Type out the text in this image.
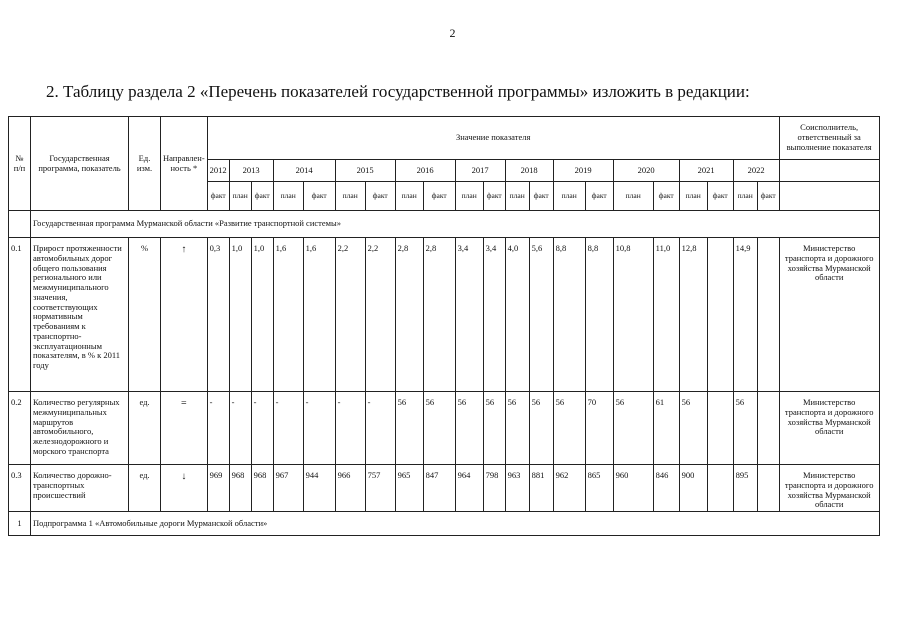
2
2. Таблицу раздела 2 «Перечень показателей государственной программы» изложить в редакции:
№ п/п	Государственная программа, показатель	Ед. изм.	Направлен-ность *	Значение показателя																					Соисполнитель, ответственный за выполнение показателя
				2012	2013		2014		2015		2016		2017		2018		2019		2020		2021		2022		
				факт	план	факт	план	факт	план	факт	план	факт	план	факт	план	факт	план	факт	план	факт	план	факт	план	факт	
	Государственная программа Мурманской области «Развитие транспортной системы»																								
0.1	Прирост протяженности автомобильных дорог общего пользования регионального или межмуниципального значения, соответствующих нормативным требованиям к транспортно-эксплуатационным показателям, в % к 2011 году	%	↑	0,3	1,0	1,0	1,6	1,6	2,2	2,2	2,8	2,8	3,4	3,4	4,0	5,6	8,8	8,8	10,8	11,0	12,8		14,9		Министерство транспорта и дорожного хозяйства Мурманской области
0.2	Количество регулярных межмуниципальных маршрутов автомобильного, железнодорожного и морского транспорта	ед.	=	-	-	-	-	-	-	-	56	56	56	56	56	56	56	70	56	61	56		56		Министерство транспорта и дорожного хозяйства Мурманской области
0.3	Количество дорожно-транспортных происшествий	ед.	↓	969	968	968	967	944	966	757	965	847	964	798	963	881	962	865	960	846	900		895		Министерство транспорта и дорожного хозяйства Мурманской области
1	Подпрограмма 1 «Автомобильные дороги Мурманской области»																								
